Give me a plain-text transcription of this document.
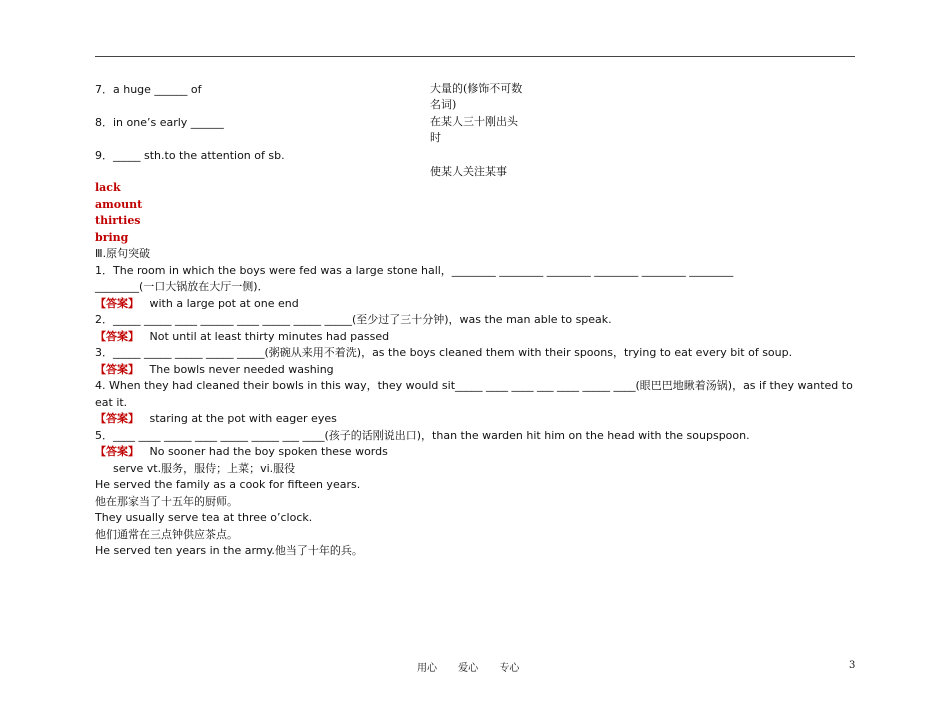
7．a huge ______ of
8．in one’s early ______
9．_____ sth.to the attention of sb.
大量的(修饰不可数
名词)
在某人三十刚出头
时
使某人关注某事
lack
amount
thirties
bring
Ⅲ.原句突破
1．The room in which the boys were fed was a large stone hall，________ ________ ________ ________ ________ ________
________(一口大锅放在大厅一侧)．
【答案】 with a large pot at one end
2．_____ _____ ____ ______ ____ _____ _____ _____(至少过了三十分钟)，was the man able to speak.
【答案】 Not until at least thirty minutes had passed
3．_____ _____ _____ _____ _____(粥碗从来用不着洗)，as the boys cleaned them with their spoons，trying to eat every bit of soup.
【答案】 The bowls never needed washing
4. When they had cleaned their bowls in this way，they would sit_____ ____ ____ ___ ____ _____ ____(眼巴巴地瞅着汤锅)，as if they wanted to
eat it.
【答案】 staring at the pot with eager eyes
5．____ ____ _____ ____ _____ _____ ___ ____(孩子的话刚说出口)，than the warden hit him on the head with the soupspoon.
【答案】 No sooner had the boy spoken these words
serve vt.服务，服侍；上菜；vi.服役
He served the family as a cook for fifteen years.
他在那家当了十五年的厨师。
They usually serve tea at three o’clock.
他们通常在三点钟供应茶点。
He served ten years in the army.他当了十年的兵。
用心 爱心 专心	3
